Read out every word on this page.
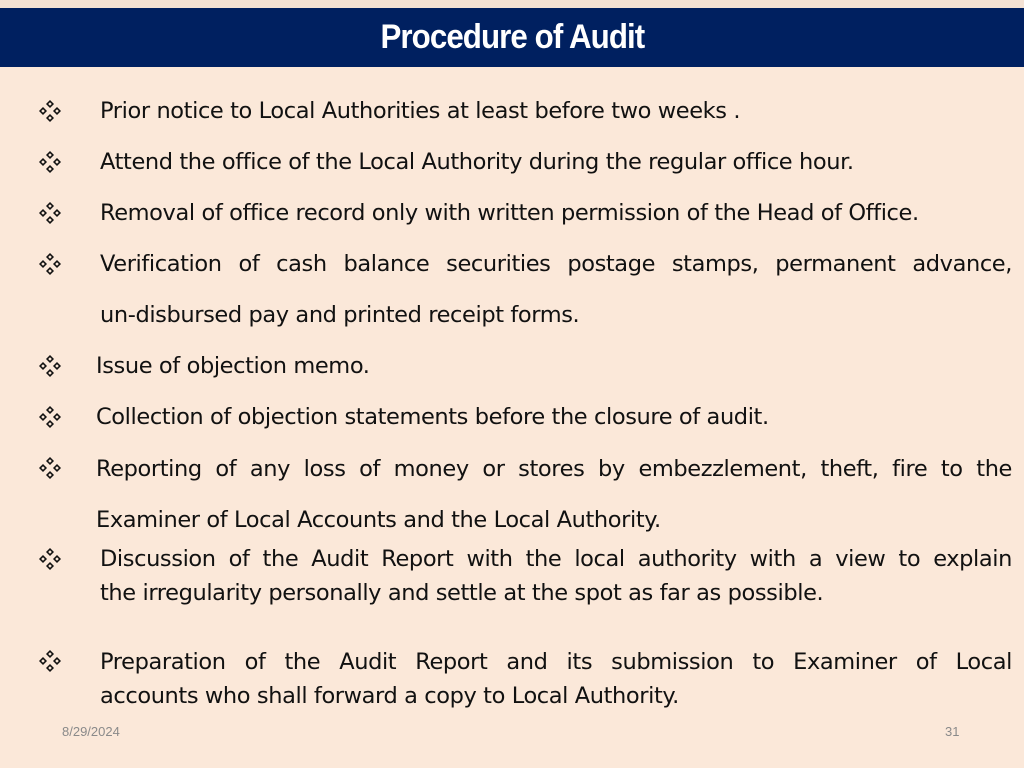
Procedure of Audit
Prior notice to Local Authorities at least before two weeks .
Attend the office of the Local Authority during the regular office hour.
Removal of office record only with written permission of the Head of Office.
Verification of cash balance securities postage stamps, permanent advance,
un-disbursed pay and printed receipt forms.
Issue of objection memo.
Collection of objection statements before the closure of audit.
Reporting of any loss of money or stores by embezzlement, theft, fire to the
Examiner of Local Accounts and the Local Authority.
Discussion of the Audit Report with the local authority with a view to explain
the irregularity personally and settle at the spot as far as possible.
Preparation of the Audit Report and its submission to Examiner of Local
accounts who shall forward a copy to Local Authority.
8/29/2024	31
